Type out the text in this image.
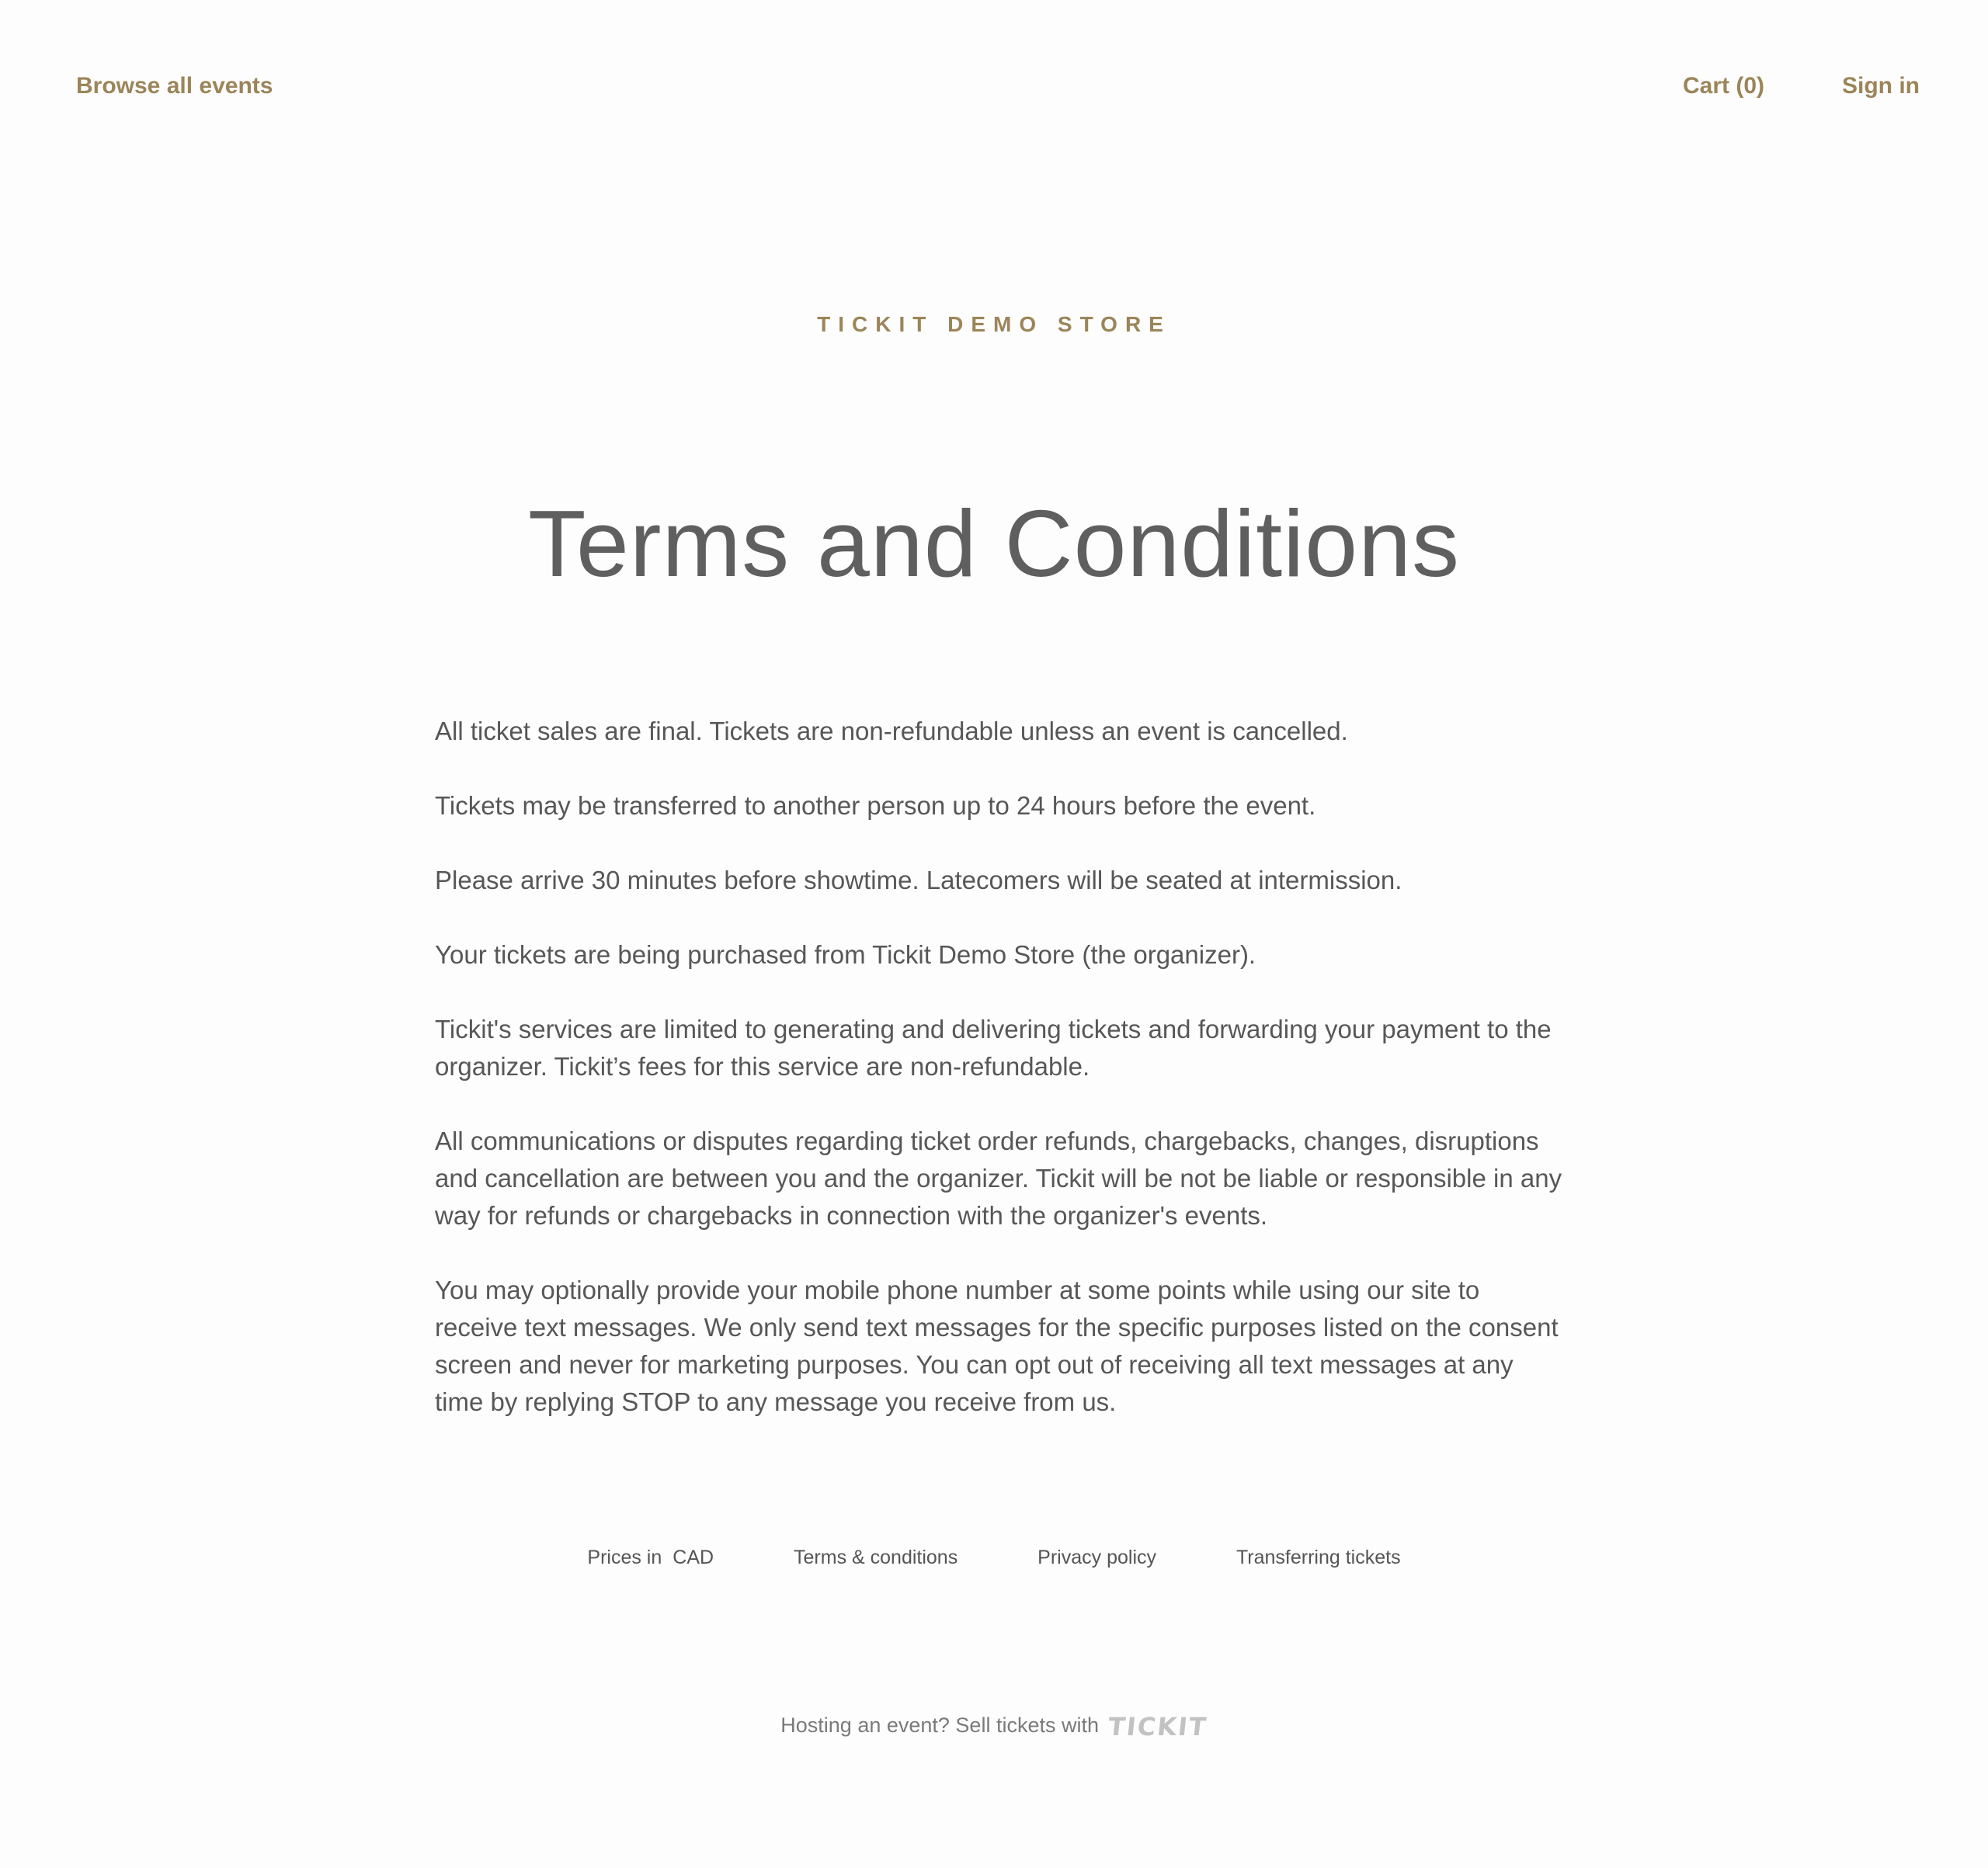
Browse all events	Cart (0)	Sign in
TICKIT DEMO STORE
Terms and Conditions

All ticket sales are final. Tickets are non-refundable unless an event is cancelled.

Tickets may be transferred to another person up to 24 hours before the event.

Please arrive 30 minutes before showtime. Latecomers will be seated at intermission.

Your tickets are being purchased from Tickit Demo Store (the organizer).

Tickit's services are limited to generating and delivering tickets and forwarding your payment to the organizer. Tickit’s fees for this service are non-refundable.

All communications or disputes regarding ticket order refunds, chargebacks, changes, disruptions and cancellation are between you and the organizer. Tickit will be not be liable or responsible in any way for refunds or chargebacks in connection with the organizer's events.

You may optionally provide your mobile phone number at some points while using our site to receive text messages. We only send text messages for the specific purposes listed on the consent screen and never for marketing purposes. You can opt out of receiving all text messages at any time by replying STOP to any message you receive from us.

Prices in CAD	Terms & conditions	Privacy policy	Transferring tickets
Hosting an event? Sell tickets with TICKIT
